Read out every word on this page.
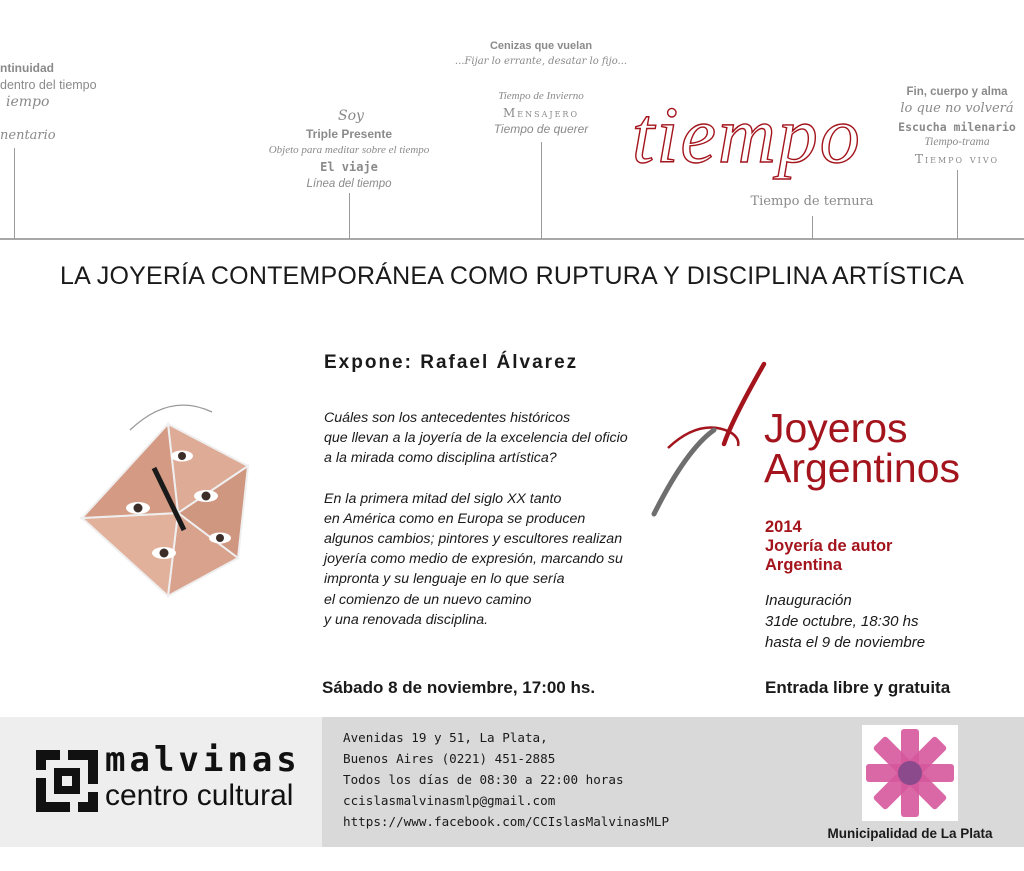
ntinuidad
dentro del tiempo
iempo
nentario
Soy
Triple Presente
Objeto para meditar sobre el tiempo
El viaje
Línea del tiempo
Cenizas que vuelan
...Fijar lo errante, desatar lo fijo...
Tiempo de Invierno
Mensajero
Tiempo de querer tiempo
Tiempo de ternura
Fin, cuerpo y alma
lo que no volverá
Escucha milenario
Tiempo-trama
Tiempo vivo
LA JOYERÍA CONTEMPORÁNEA COMO RUPTURA Y DISCIPLINA ARTÍSTICA
Expone: Rafael Álvarez

Cuáles son los antecedentes históricos
que llevan a la joyería de la excelencia del oficio
a la mirada como disciplina artística?

En la primera mitad del siglo XX tanto
en América como en Europa se producen
algunos cambios; pintores y escultores realizan
joyería como medio de expresión, marcando su
impronta y su lenguaje en lo que sería
el comienzo de un nuevo camino
y una renovada disciplina.

Joyeros
Argentinos
2014
Joyería de autor
Argentina
Inauguración
31de octubre, 18:30 hs
hasta el 9 de noviembre
Sábado 8 de noviembre, 17:00 hs.	Entrada libre y gratuita
malvinas
centro cultural
Avenidas 19 y 51, La Plata,
Buenos Aires (0221) 451-2885
Todos los días de 08:30 a 22:00 horas
ccislasmalvinasmlp@gmail.com
https://www.facebook.com/CCIslasMalvinasMLP
Municipalidad de La Plata
